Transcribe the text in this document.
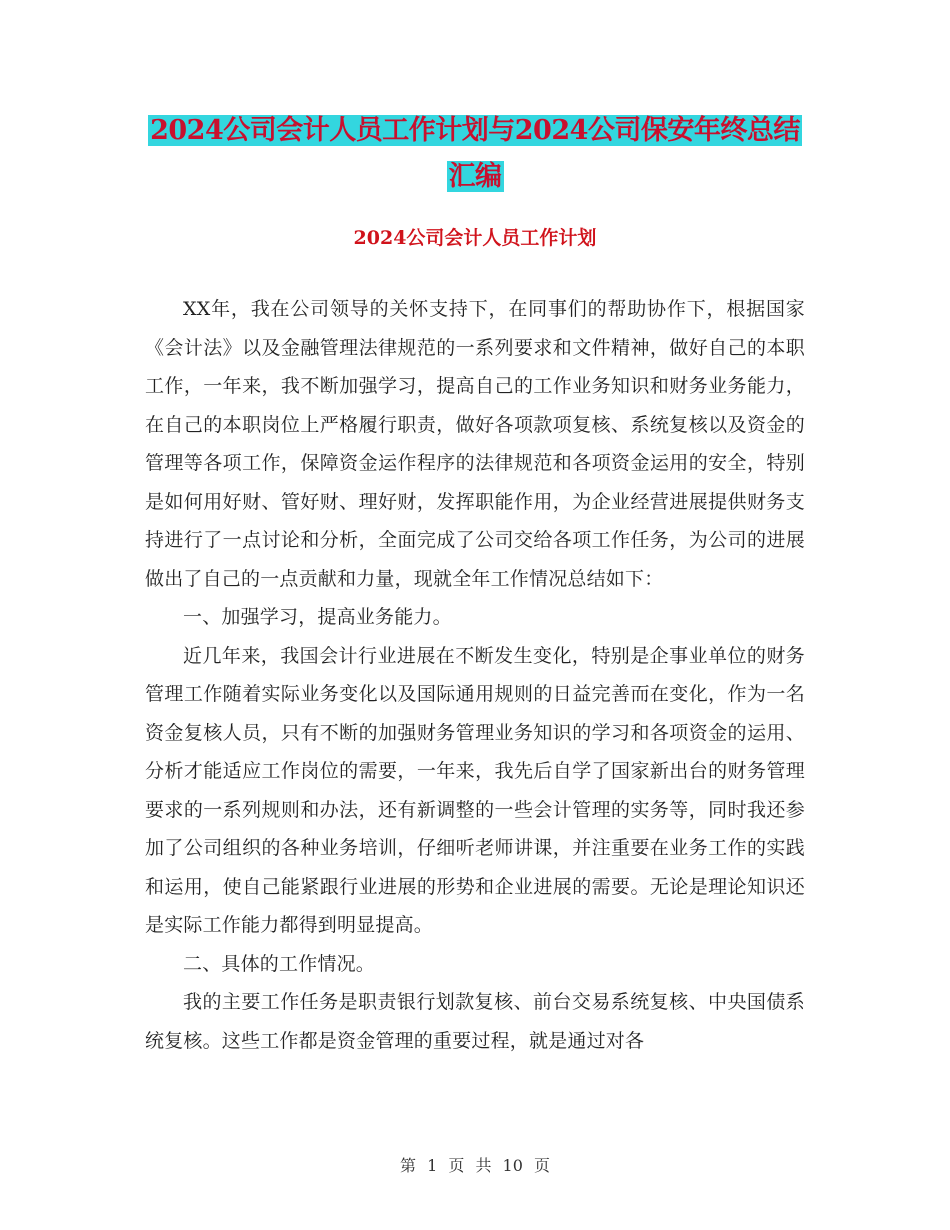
2024公司会计人员工作计划与2024公司保安年终总结
汇编
2024公司会计人员工作计划

XX年，我在公司领导的关怀支持下，在同事们的帮助协作下，根据国家《会计法》以及金融管理法律规范的一系列要求和文件精神，做好自己的本职工作，一年来，我不断加强学习，提高自己的工作业务知识和财务业务能力，在自己的本职岗位上严格履行职责，做好各项款项复核、系统复核以及资金的管理等各项工作，保障资金运作程序的法律规范和各项资金运用的安全，特别是如何用好财、管好财、理好财，发挥职能作用，为企业经营进展提供财务支持进行了一点讨论和分析，全面完成了公司交给各项工作任务，为公司的进展做出了自己的一点贡献和力量，现就全年工作情况总结如下：

一、加强学习，提高业务能力。

近几年来，我国会计行业进展在不断发生变化，特别是企事业单位的财务管理工作随着实际业务变化以及国际通用规则的日益完善而在变化，作为一名资金复核人员，只有不断的加强财务管理业务知识的学习和各项资金的运用、分析才能适应工作岗位的需要，一年来，我先后自学了国家新出台的财务管理要求的一系列规则和办法，还有新调整的一些会计管理的实务等，同时我还参加了公司组织的各种业务培训，仔细听老师讲课，并注重要在业务工作的实践和运用，使自己能紧跟行业进展的形势和企业进展的需要。无论是理论知识还是实际工作能力都得到明显提高。

二、具体的工作情况。

我的主要工作任务是职责银行划款复核、前台交易系统复核、中央国债系统复核。这些工作都是资金管理的重要过程，就是通过对各

第 1 页 共 10 页
